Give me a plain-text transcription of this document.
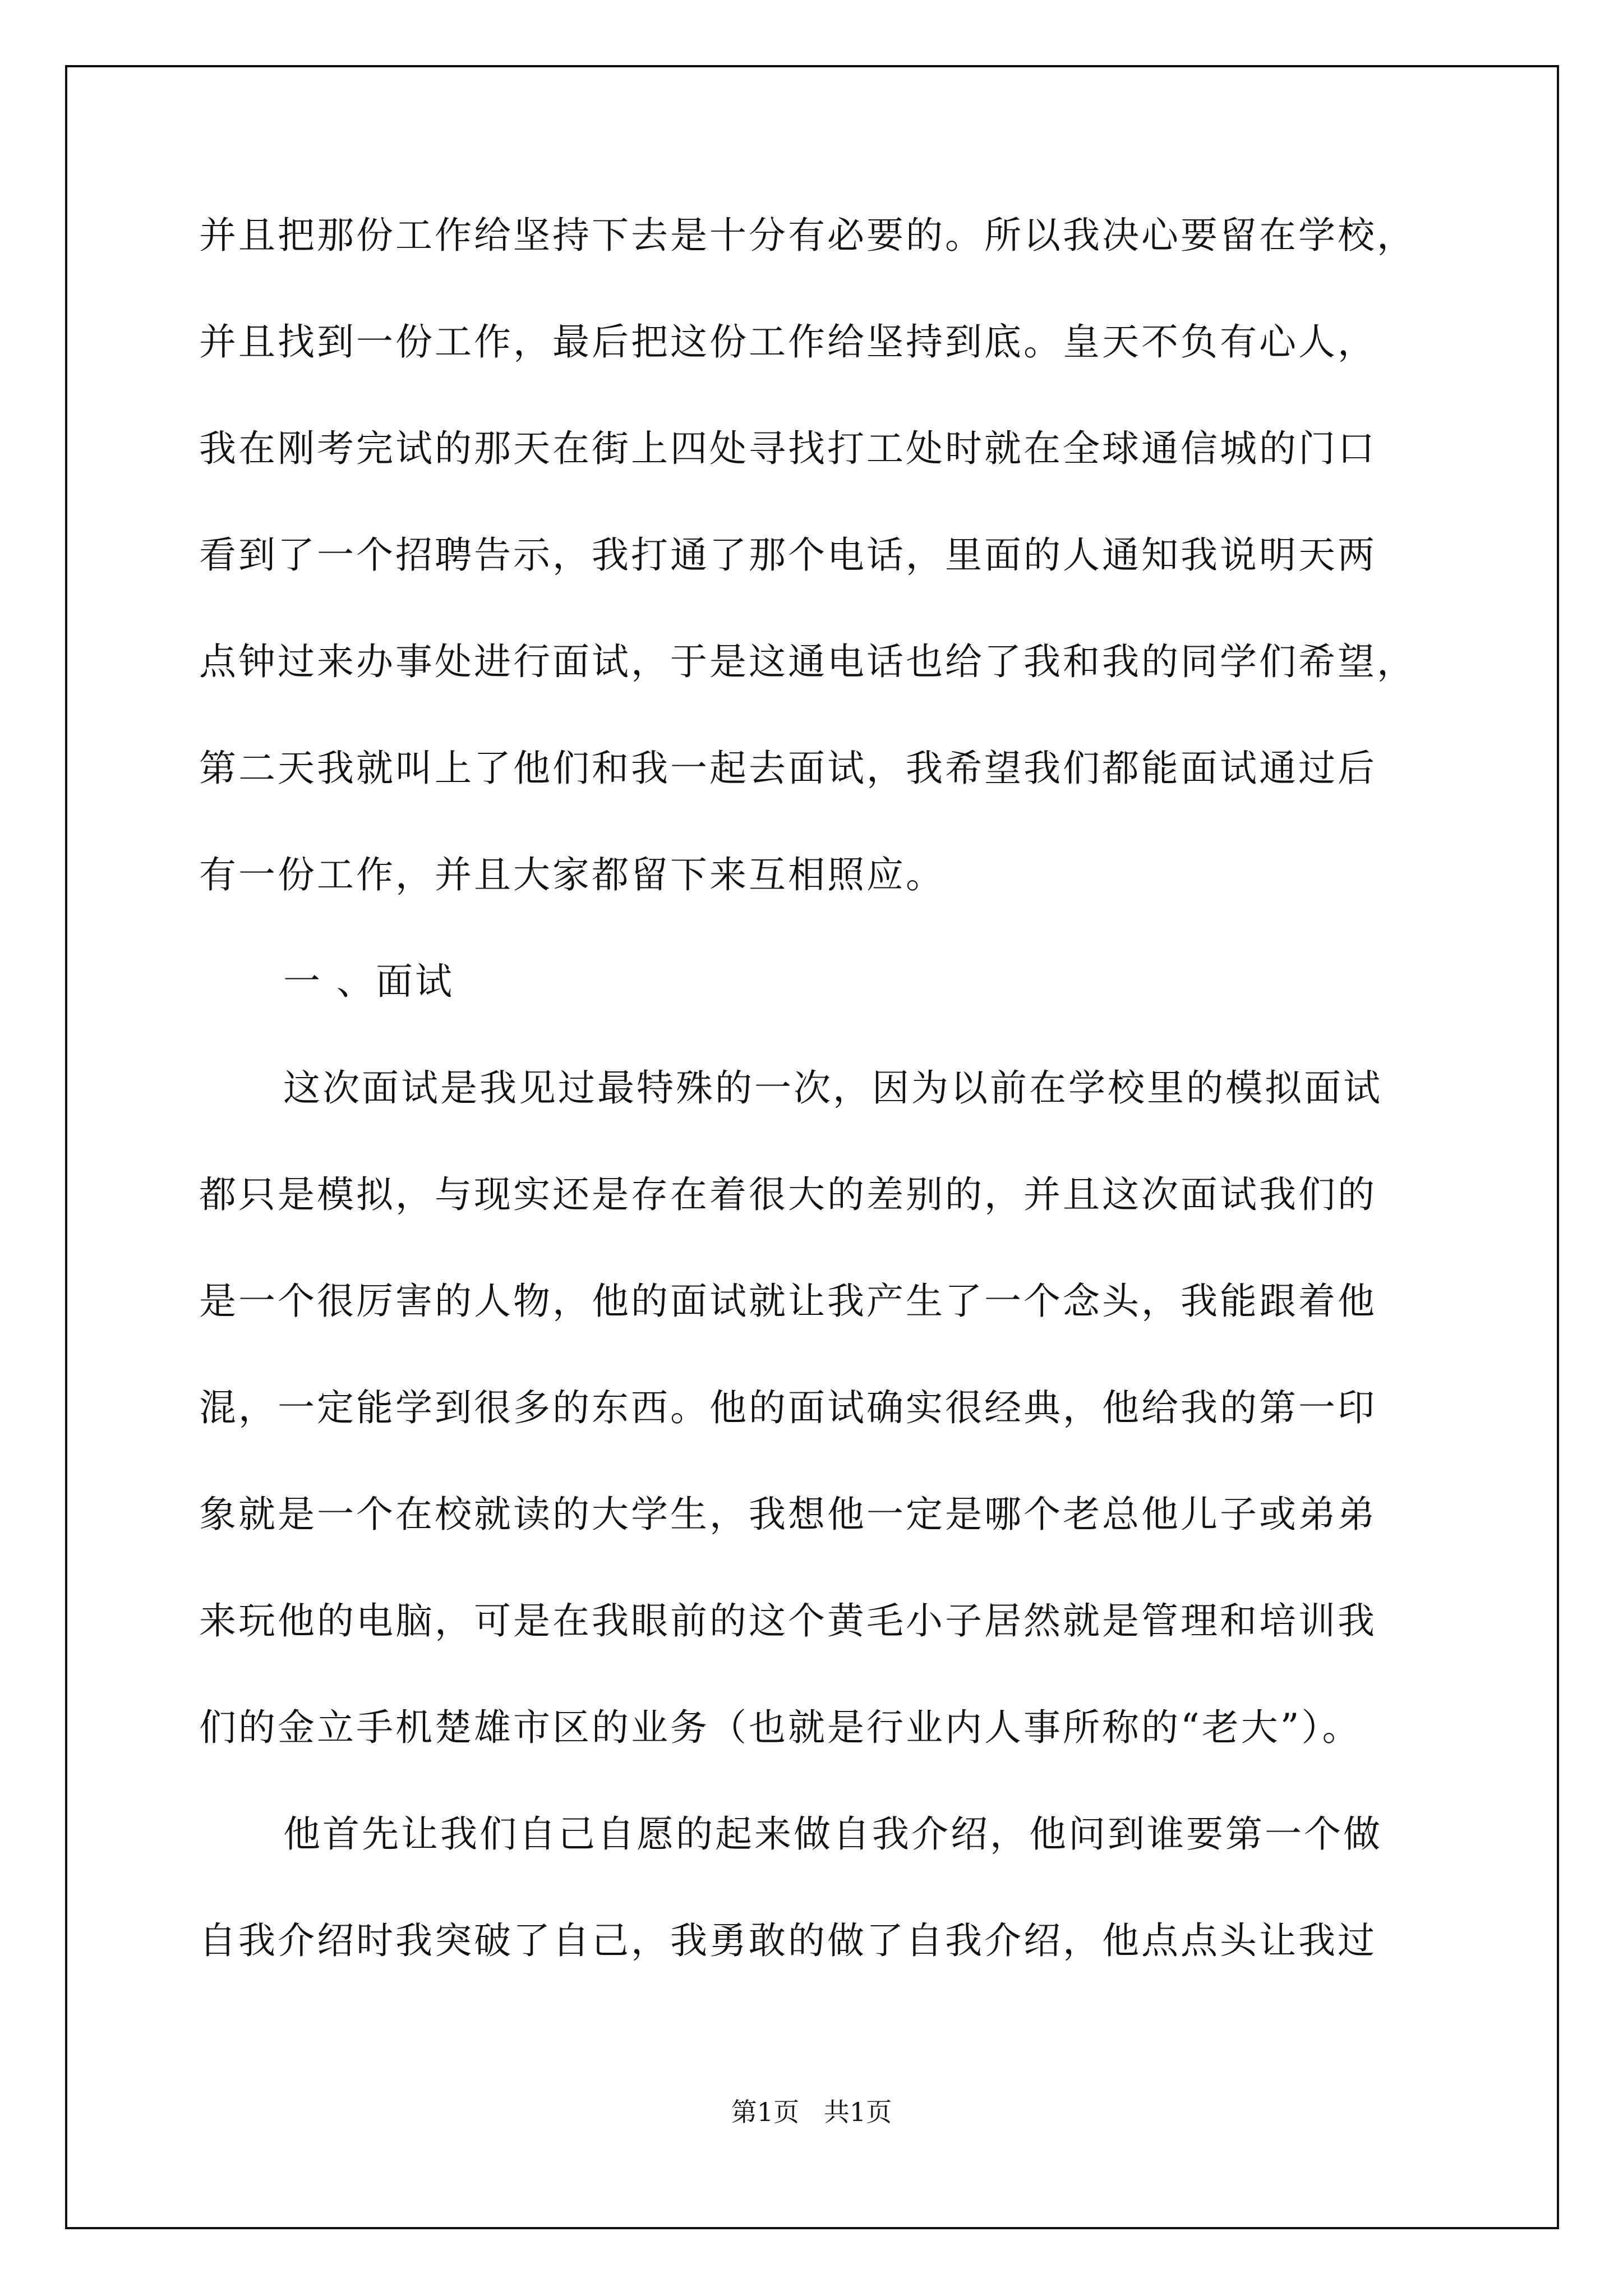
并且把那份工作给坚持下去是十分有必要的。所以我决心要留在学校，
并且找到一份工作，最后把这份工作给坚持到底。皇天不负有心人，
我在刚考完试的那天在街上四处寻找打工处时就在全球通信城的门口
看到了一个招聘告示，我打通了那个电话，里面的人通知我说明天两
点钟过来办事处进行面试，于是这通电话也给了我和我的同学们希望，
第二天我就叫上了他们和我一起去面试，我希望我们都能面试通过后
有一份工作，并且大家都留下来互相照应。
一 、面试
这次面试是我见过最特殊的一次，因为以前在学校里的模拟面试
都只是模拟，与现实还是存在着很大的差别的，并且这次面试我们的
是一个很厉害的人物，他的面试就让我产生了一个念头，我能跟着他
混，一定能学到很多的东西。他的面试确实很经典，他给我的第一印
象就是一个在校就读的大学生，我想他一定是哪个老总他儿子或弟弟
来玩他的电脑，可是在我眼前的这个黄毛小子居然就是管理和培训我
们的金立手机楚雄市区的业务（也就是行业内人事所称的“老大”）。
他首先让我们自己自愿的起来做自我介绍，他问到谁要第一个做
自我介绍时我突破了自己，我勇敢的做了自我介绍，他点点头让我过
第1页   共1页
